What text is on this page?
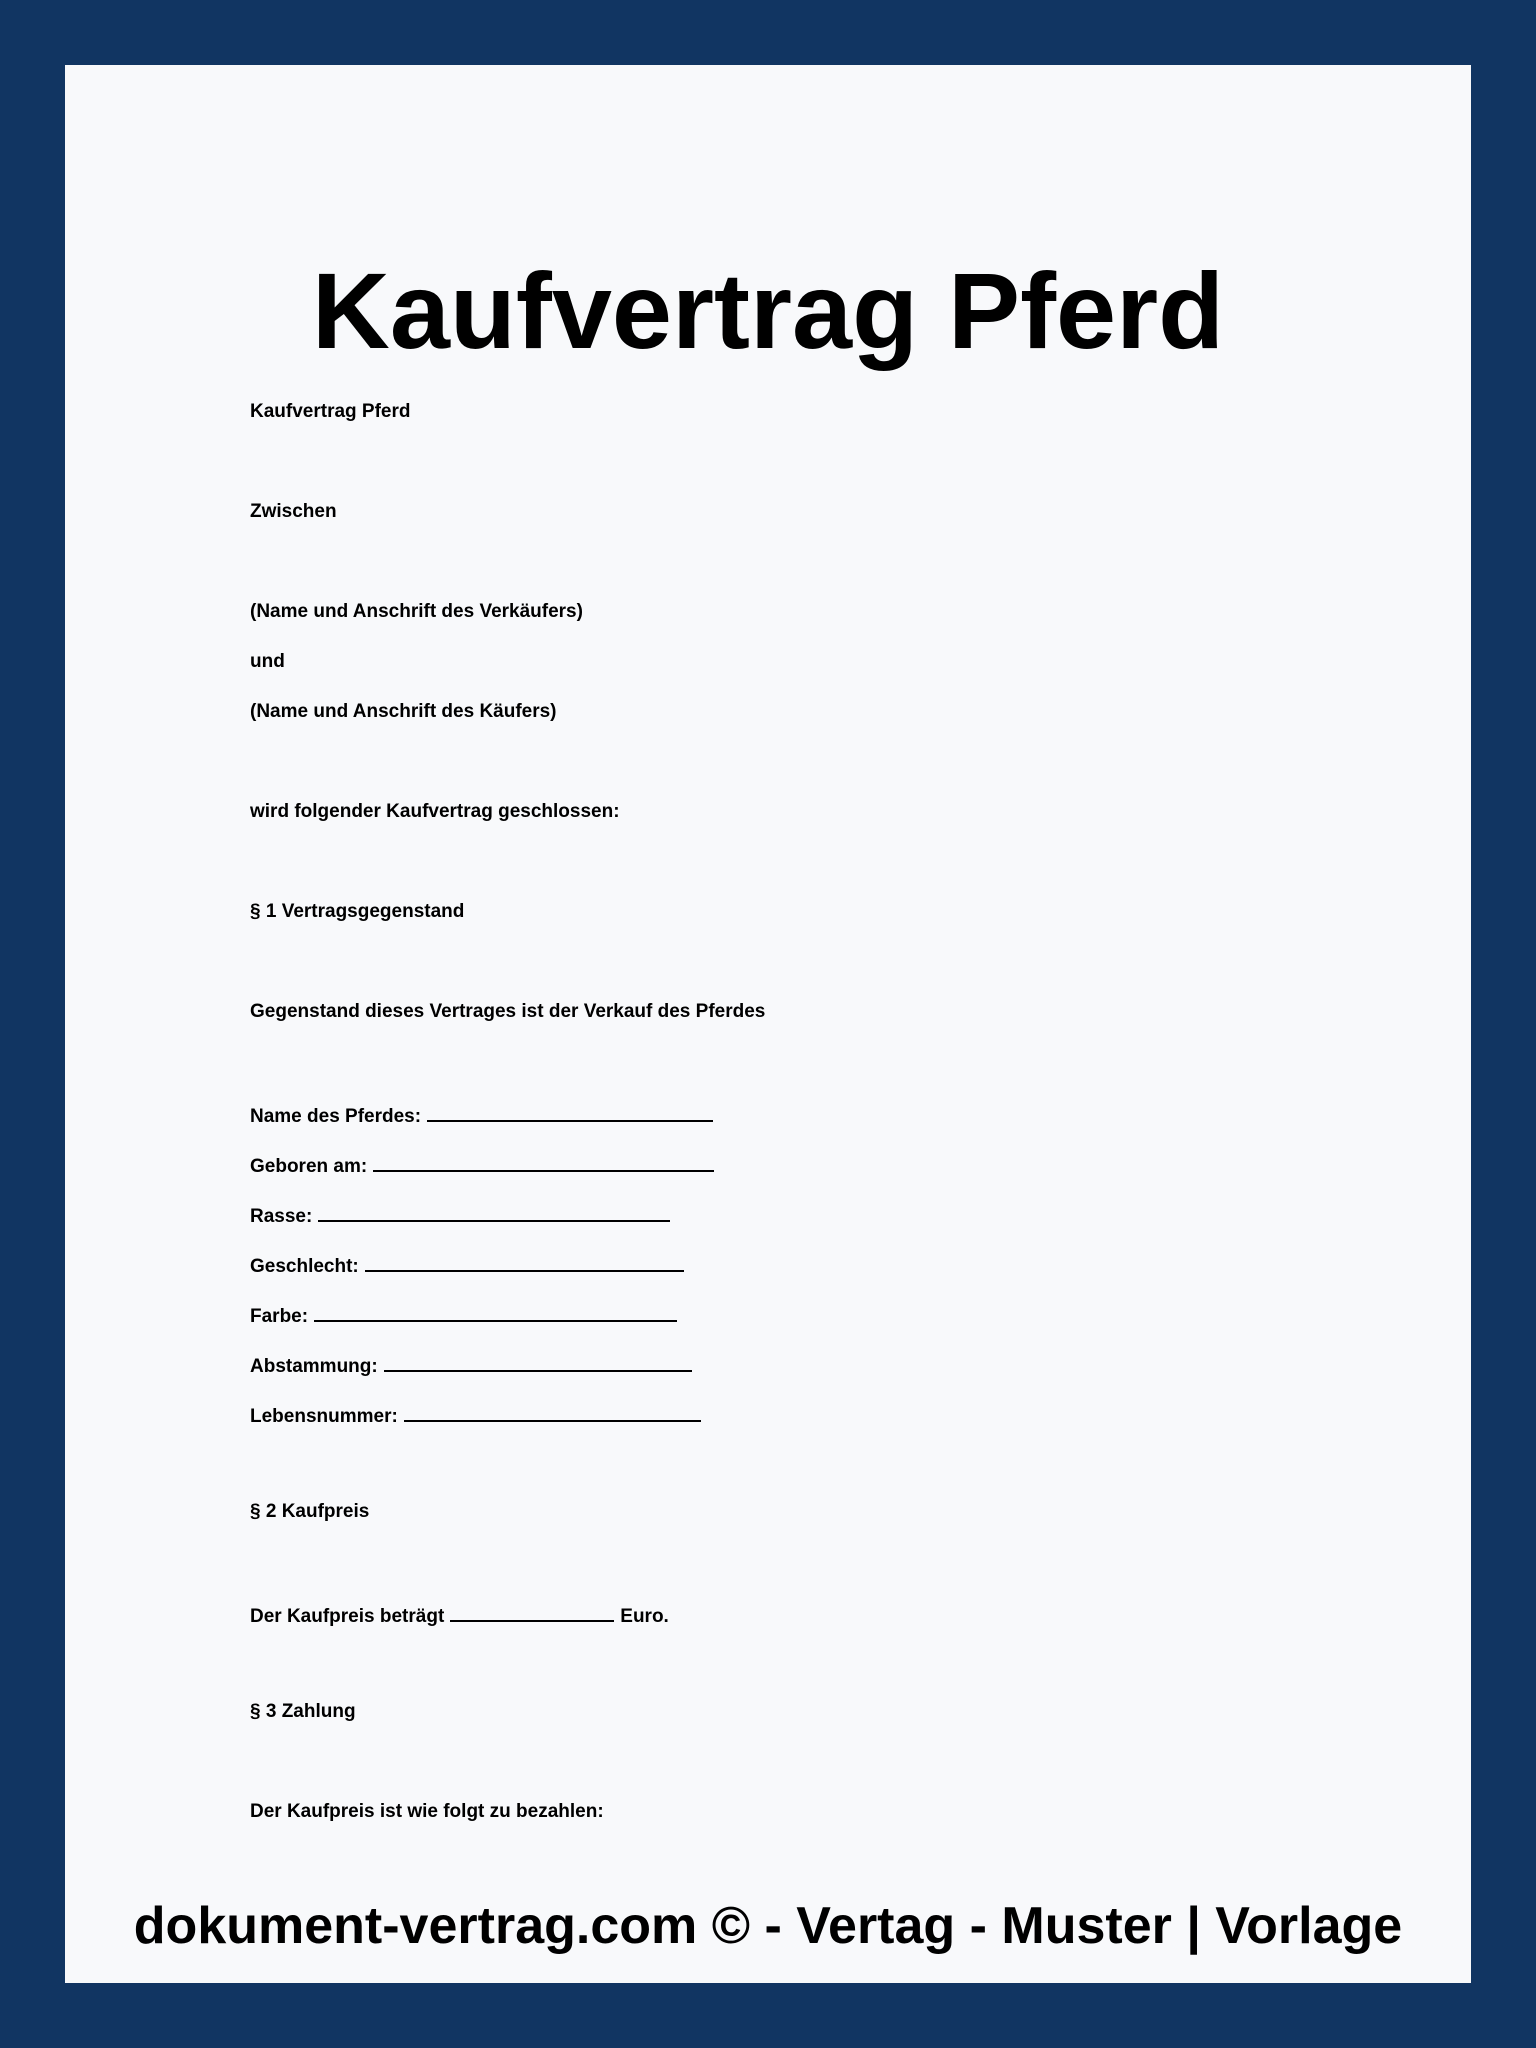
Kaufvertrag Pferd
Kaufvertrag Pferd
Zwischen
(Name und Anschrift des Verkäufers)
und
(Name und Anschrift des Käufers)
wird folgender Kaufvertrag geschlossen:
§ 1 Vertragsgegenstand
Gegenstand dieses Vertrages ist der Verkauf des Pferdes
Name des Pferdes:
Geboren am:
Rasse:
Geschlecht:
Farbe:
Abstammung:
Lebensnummer:
§ 2 Kaufpreis
Der Kaufpreis beträgt	Euro.
§ 3 Zahlung
Der Kaufpreis ist wie folgt zu bezahlen:
dokument-vertrag.com © - Vertag - Muster | Vorlage
